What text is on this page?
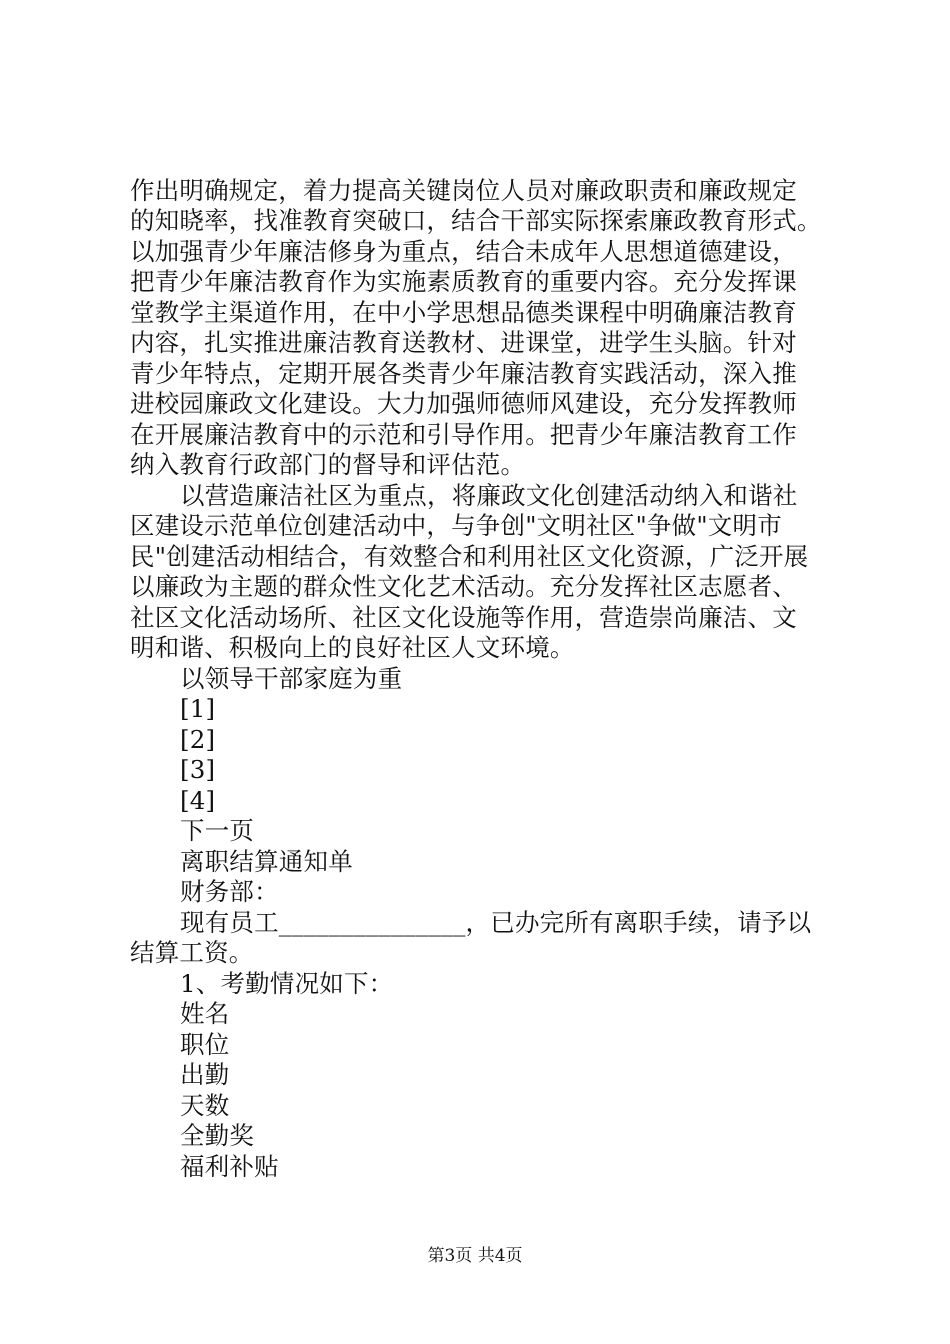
作出明确规定，着力提高关键岗位人员对廉政职责和廉政规定
的知晓率，找准教育突破口，结合干部实际探索廉政教育形式。
以加强青少年廉洁修身为重点，结合未成年人思想道德建设，
把青少年廉洁教育作为实施素质教育的重要内容。充分发挥课
堂教学主渠道作用，在中小学思想品德类课程中明确廉洁教育
内容，扎实推进廉洁教育送教材、进课堂，进学生头脑。针对
青少年特点，定期开展各类青少年廉洁教育实践活动，深入推
进校园廉政文化建设。大力加强师德师风建设，充分发挥教师
在开展廉洁教育中的示范和引导作用。把青少年廉洁教育工作
纳入教育行政部门的督导和评估范。
以营造廉洁社区为重点，将廉政文化创建活动纳入和谐社
区建设示范单位创建活动中，与争创"文明社区"争做"文明市
民"创建活动相结合，有效整合和利用社区文化资源，广泛开展
以廉政为主题的群众性文化艺术活动。充分发挥社区志愿者、
社区文化活动场所、社区文化设施等作用，营造崇尚廉洁、文
明和谐、积极向上的良好社区人文环境。
以领导干部家庭为重
[1]
[2]
[3]
[4]
下一页
离职结算通知单
财务部：
现有员工_______________，已办完所有离职手续，请予以
结算工资。
1、考勤情况如下：
姓名
职位
出勤
天数
全勤奖
福利补贴
第3页 共4页
